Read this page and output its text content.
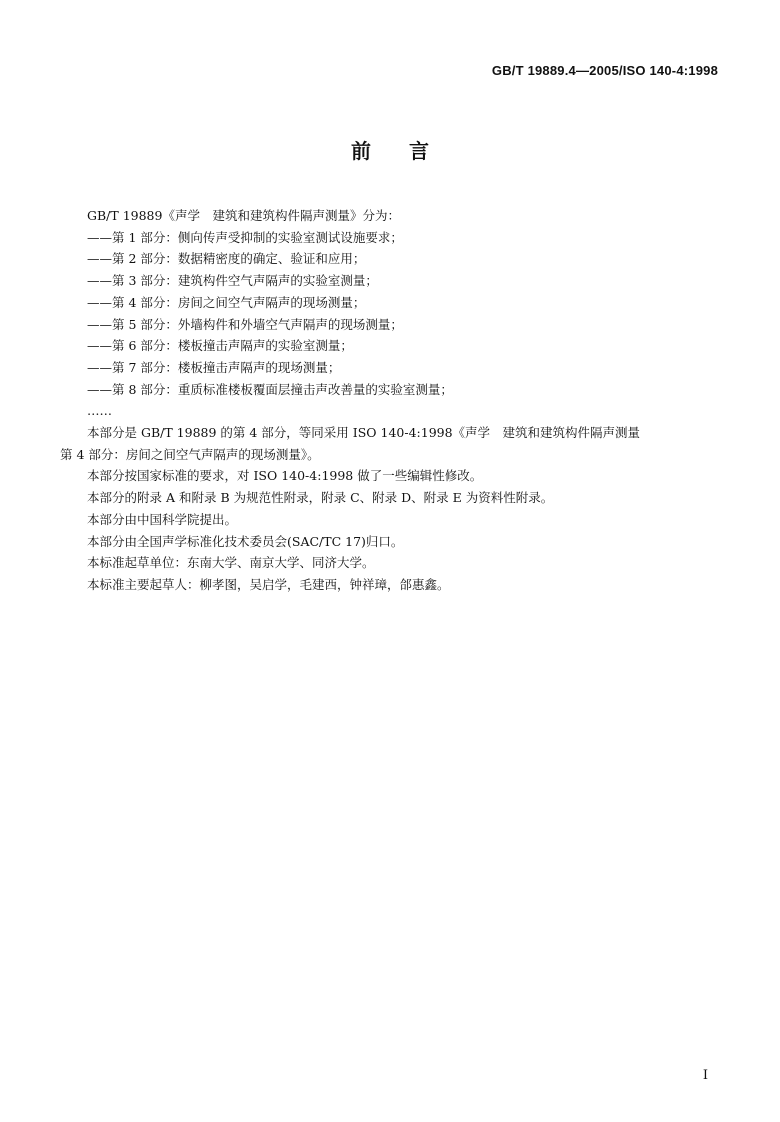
GB/T 19889.4—2005/ISO 140-4:1998
前言
GB/T 19889《声学　建筑和建筑构件隔声测量》分为：
——第 1 部分：侧向传声受抑制的实验室测试设施要求；
——第 2 部分：数据精密度的确定、验证和应用；
——第 3 部分：建筑构件空气声隔声的实验室测量；
——第 4 部分：房间之间空气声隔声的现场测量；
——第 5 部分：外墙构件和外墙空气声隔声的现场测量；
——第 6 部分：楼板撞击声隔声的实验室测量；
——第 7 部分：楼板撞击声隔声的现场测量；
——第 8 部分：重质标准楼板覆面层撞击声改善量的实验室测量；
……
本部分是 GB/T 19889 的第 4 部分，等同采用 ISO 140-4:1998《声学　建筑和建筑构件隔声测量
第 4 部分：房间之间空气声隔声的现场测量》。
本部分按国家标准的要求，对 ISO 140-4:1998 做了一些编辑性修改。
本部分的附录 A 和附录 B 为规范性附录，附录 C、附录 D、附录 E 为资料性附录。
本部分由中国科学院提出。
本部分由全国声学标准化技术委员会(SAC/TC 17)归口。
本标准起草单位：东南大学、南京大学、同济大学。
本标准主要起草人：柳孝图，吴启学，毛建西，钟祥璋，郃惠鑫。
I
